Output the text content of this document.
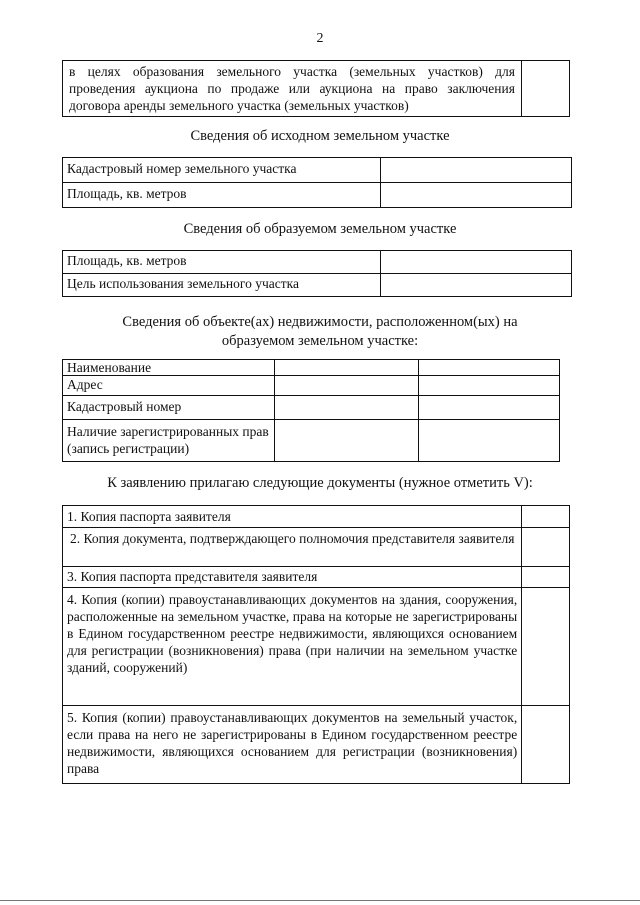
2
в целях образования земельного участка (земельных участков) для проведения аукциона по продаже или аукциона на право заключения договора аренды земельного участка (земельных участков)	
Сведения об исходном земельном участке
Кадастровый номер земельного участка	
Площадь, кв. метров	
Сведения об образуемом земельном участке
Площадь, кв. метров	
Цель использования земельного участка	
Сведения об объекте(ах) недвижимости, расположенном(ых) на
образуемом земельном участке:
Наименование		
Адрес		
Кадастровый номер		
Наличие зарегистрированных прав (запись регистрации)		
К заявлению прилагаю следующие документы (нужное отметить V):
1. Копия паспорта заявителя	
2. Копия документа, подтверждающего полномочия представителя заявителя	
3. Копия паспорта представителя заявителя	
4. Копия (копии) правоустанавливающих документов на здания, сооружения, расположенные на земельном участке, права на которые не зарегистрированы в Едином государственном реестре недвижимости, являющихся основанием для регистрации (возникновения) права (при наличии на земельном участке зданий, сооружений)	
5. Копия (копии) правоустанавливающих документов на земельный участок, если права на него не зарегистрированы в Едином государственном реестре недвижимости, являющихся основанием для регистрации (возникновения) права	
